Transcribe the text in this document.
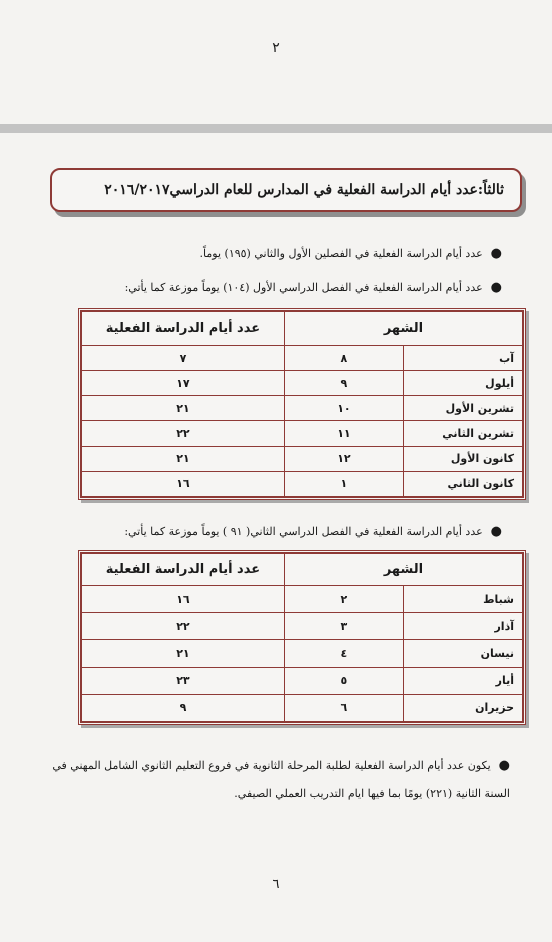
٢
ثالثاً:عدد أيام الدراسة الفعلية في المدارس للعام الدراسي٢٠١٦/٢٠١٧
●عدد أيام الدراسة الفعلية في الفصلين الأول والثاني (١٩٥) يوماً.
●عدد أيام الدراسة الفعلية في الفصل الدراسي الأول (١٠٤) يوماً موزعة كما يأتي:
الشهر		عدد أيام الدراسة الفعلية
آب	٨	٧
أيلول	٩	١٧
تشرين الأول	١٠	٢١
تشرين الثاني	١١	٢٢
كانون الأول	١٢	٢١
كانون الثاني	١	١٦
●عدد أيام الدراسة الفعلية في الفصل الدراسي الثاني( ٩١ ) يوماً موزعة كما يأتي:
الشهر		عدد أيام الدراسة الفعلية
شباط	٢	١٦
آذار	٣	٢٢
نيسان	٤	٢١
أيار	٥	٢٣
حزيران	٦	٩
●يكون عدد أيام الدراسة الفعلية لطلبة المرحلة الثانوية في فروع التعليم الثانوي الشامل المهني في السنة الثانية (٢٢١) يومًا بما فيها ايام التدريب العملي الصيفي.
٦
